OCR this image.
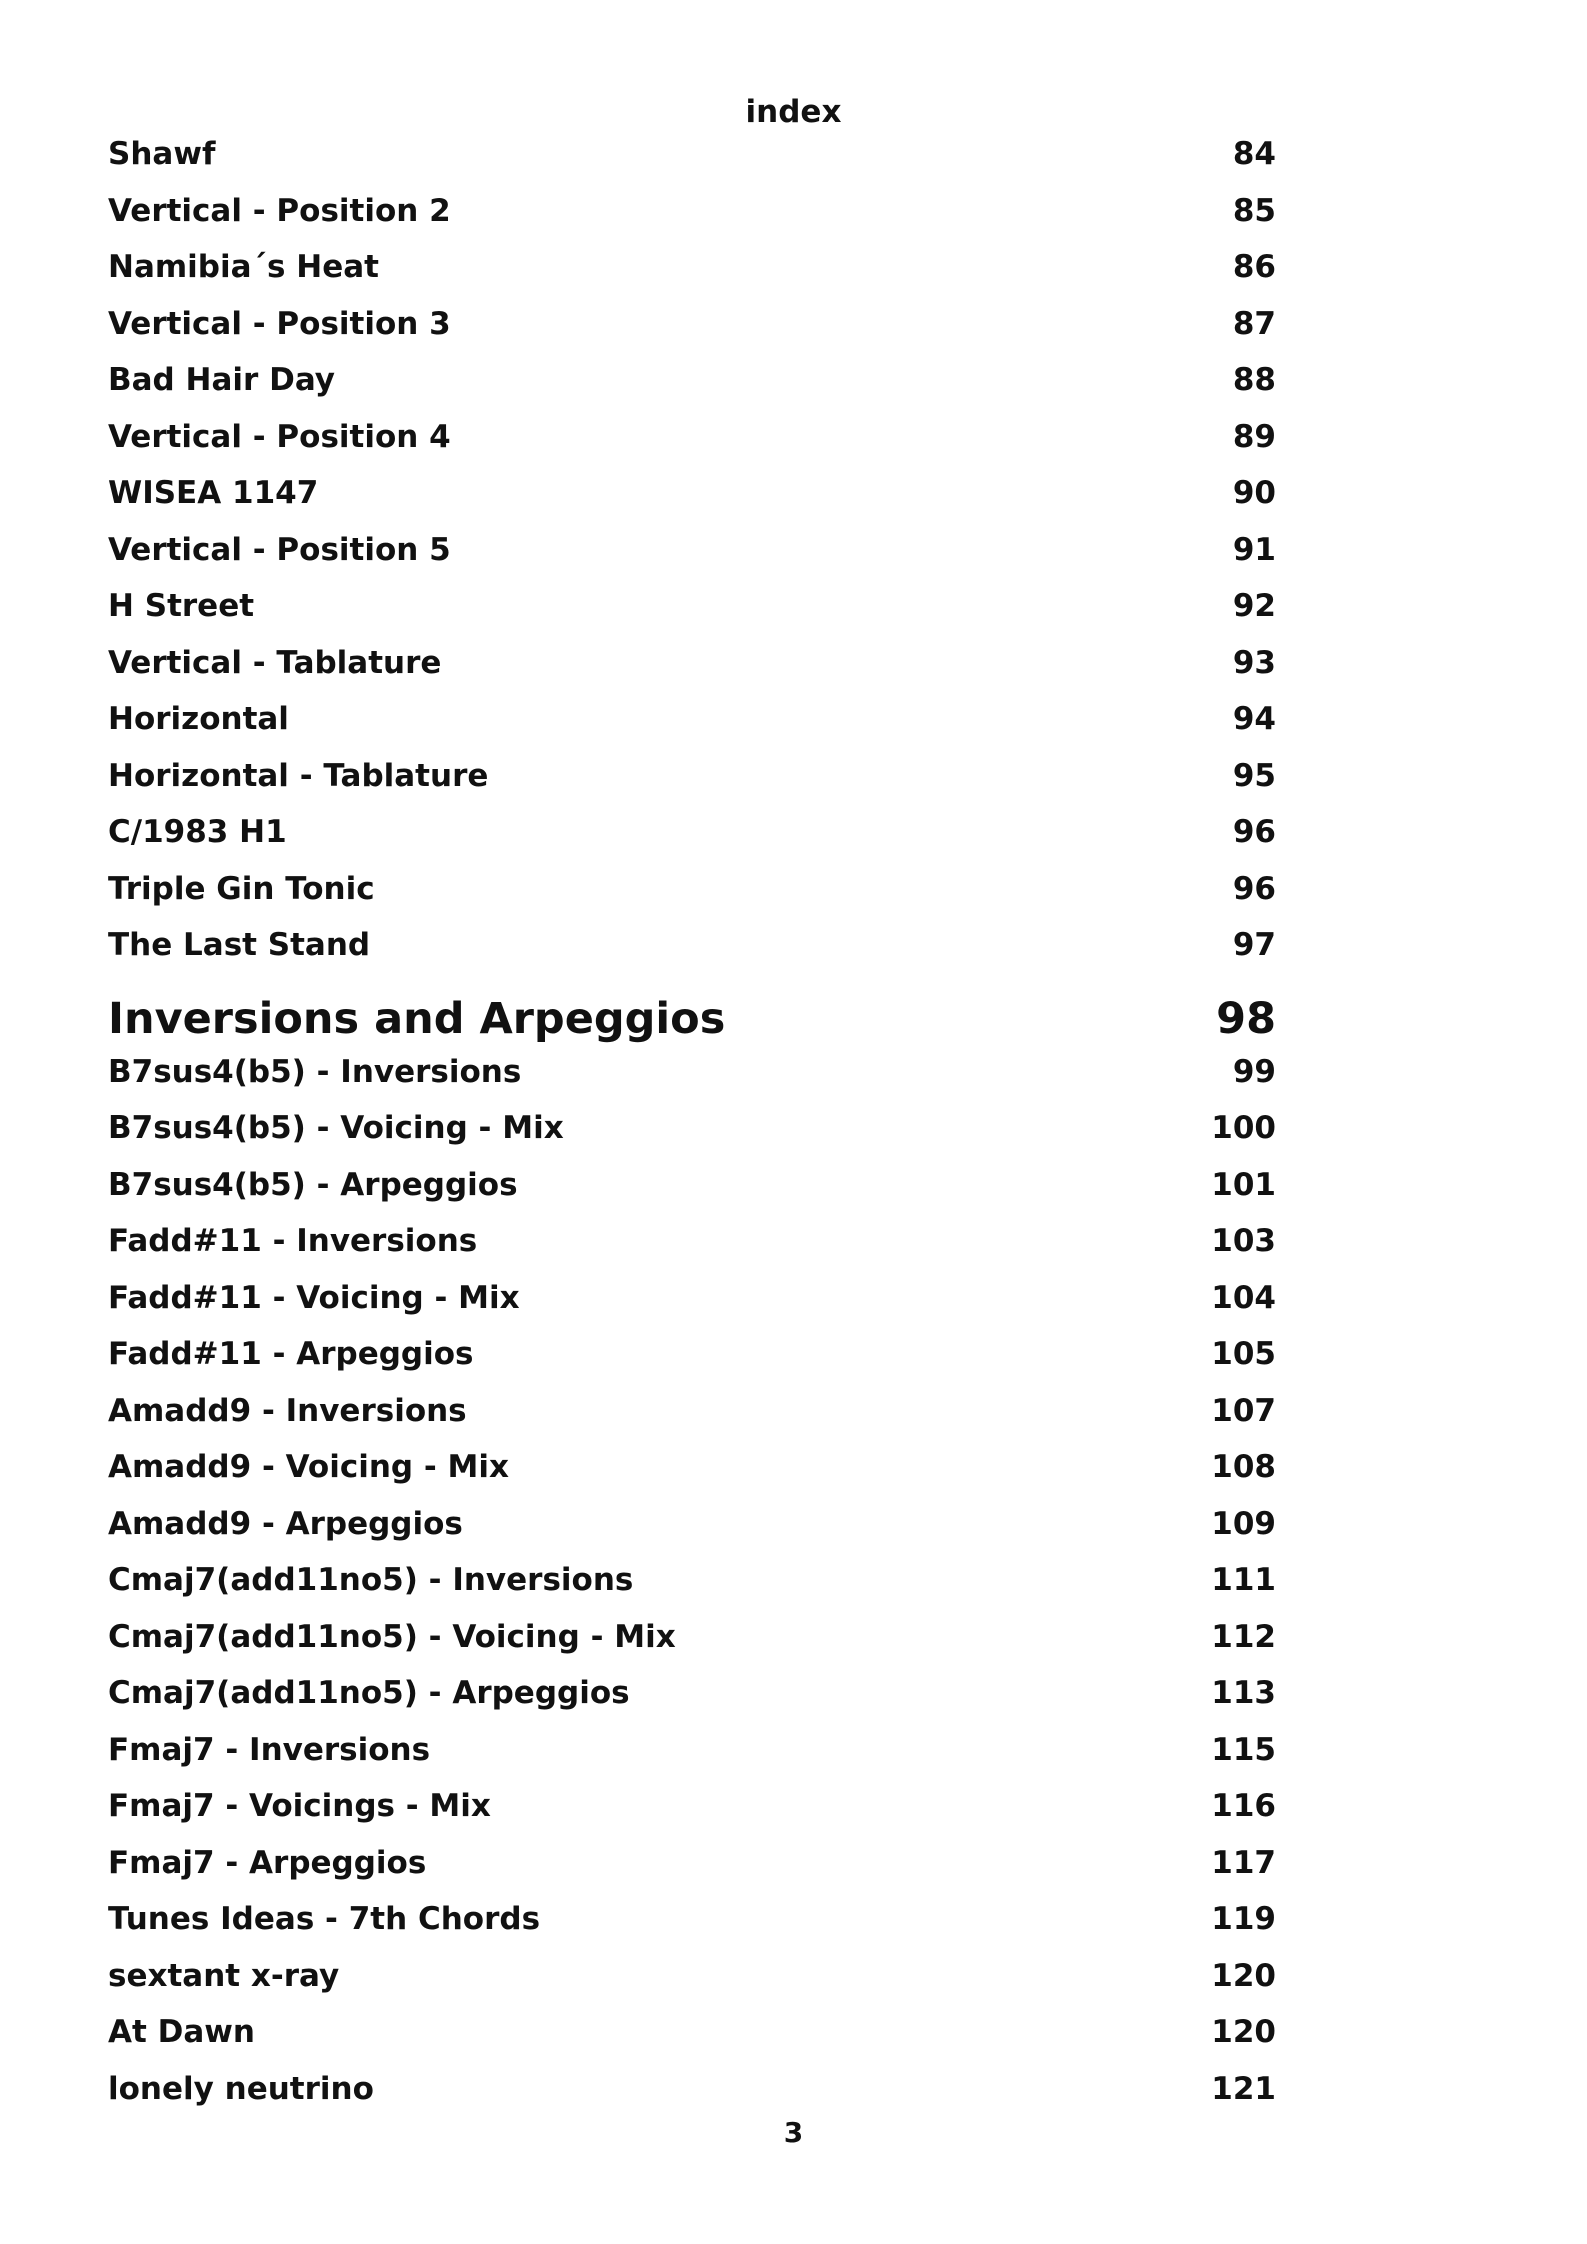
index
Shawf	84
Vertical - Position 2	85
Namibia´s Heat	86
Vertical - Position 3	87
Bad Hair Day	88
Vertical - Position 4	89
WISEA 1147	90
Vertical - Position 5	91
H Street	92
Vertical - Tablature	93
Horizontal	94
Horizontal - Tablature	95
C/1983 H1	96
Triple Gin Tonic	96
The Last Stand	97
Inversions and Arpeggios	98
B7sus4(b5) - Inversions	99
B7sus4(b5) - Voicing - Mix	100
B7sus4(b5) - Arpeggios	101
Fadd#11 - Inversions	103
Fadd#11 - Voicing - Mix	104
Fadd#11 - Arpeggios	105
Amadd9 - Inversions	107
Amadd9 - Voicing - Mix	108
Amadd9 - Arpeggios	109
Cmaj7(add11no5) - Inversions	111
Cmaj7(add11no5) - Voicing - Mix	112
Cmaj7(add11no5) - Arpeggios	113
Fmaj7 - Inversions	115
Fmaj7 - Voicings - Mix	116
Fmaj7 - Arpeggios	117
Tunes Ideas - 7th Chords	119
sextant x-ray	120
At Dawn	120
lonely neutrino	121
3
